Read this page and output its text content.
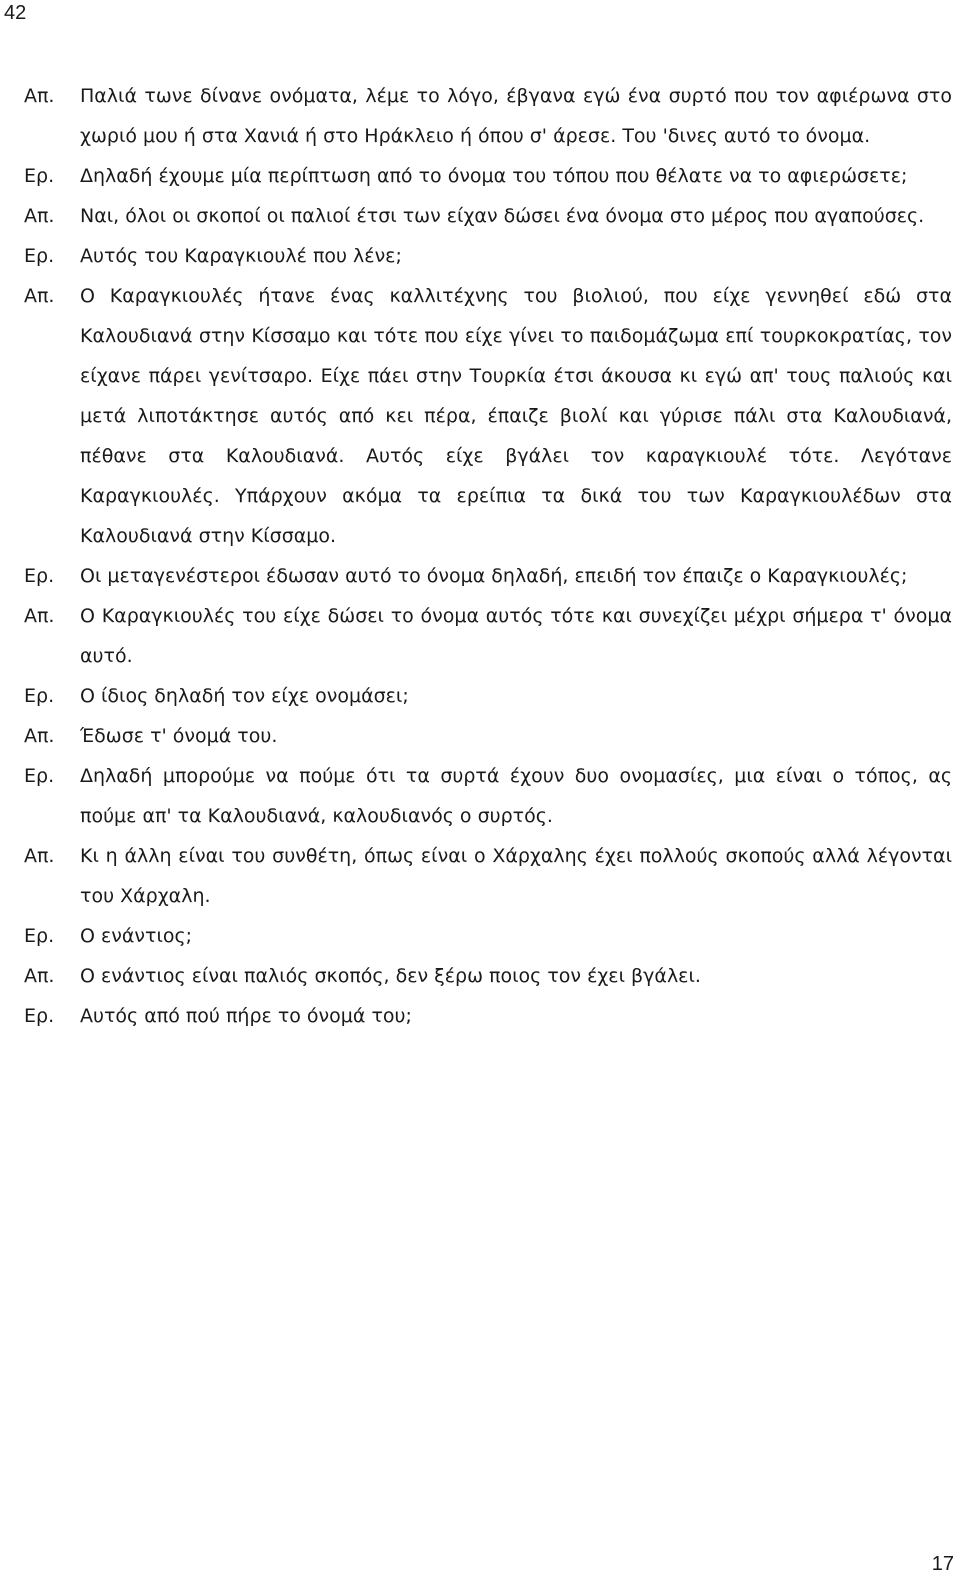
42
Απ.	Παλιά τωνε δίνανε ονόματα, λέμε το λόγο, έβγανα εγώ ένα συρτό που τον αφιέρωνα στο χωριό μου ή στα Χανιά ή στο Ηράκλειο ή όπου σ' άρεσε. Του 'δινες αυτό το όνομα.
Ερ.	Δηλαδή έχουμε μία περίπτωση από το όνομα του τόπου που θέλατε να το αφιερώσετε;
Απ.	Ναι, όλοι οι σκοποί οι παλιοί έτσι των είχαν δώσει ένα όνομα στο μέρος που αγαπούσες.
Ερ.	Αυτός του Καραγκιουλέ που λένε;
Απ.	Ο Καραγκιουλές ήτανε ένας καλλιτέχνης του βιολιού, που είχε γεννηθεί εδώ στα Καλουδιανά στην Κίσσαμο και τότε που είχε γίνει το παιδομάζωμα επί τουρκοκρατίας, τον είχανε πάρει γενίτσαρο. Είχε πάει στην Τουρκία έτσι άκουσα κι εγώ απ' τους παλιούς και μετά λιποτάκτησε αυτός από κει πέρα, έπαιζε βιολί και γύρισε πάλι στα Καλουδιανά, πέθανε στα Καλουδιανά. Αυτός είχε βγάλει τον καραγκιουλέ τότε. Λεγότανε Καραγκιουλές. Υπάρχουν ακόμα τα ερείπια τα δικά του των Καραγκιουλέδων στα Καλουδιανά στην Κίσσαμο.
Ερ.	Οι μεταγενέστεροι έδωσαν αυτό το όνομα δηλαδή, επειδή τον έπαιζε ο Καραγκιουλές;
Απ.	Ο Καραγκιουλές του είχε δώσει το όνομα αυτός τότε και συνεχίζει μέχρι σήμερα τ' όνομα αυτό.
Ερ.	Ο ίδιος δηλαδή τον είχε ονομάσει;
Απ.	Έδωσε τ' όνομά του.
Ερ.	Δηλαδή μπορούμε να πούμε ότι τα συρτά έχουν δυο ονομασίες, μια είναι ο τόπος, ας πούμε απ' τα Καλουδιανά, καλουδιανός ο συρτός.
Απ.	Κι η άλλη είναι του συνθέτη, όπως είναι ο Χάρχαλης έχει πολλούς σκοπούς αλλά λέγονται του Χάρχαλη.
Ερ.	Ο ενάντιος;
Απ.	Ο ενάντιος είναι παλιός σκοπός, δεν ξέρω ποιος τον έχει βγάλει.
Ερ.	Αυτός από πού πήρε το όνομά του;
17
